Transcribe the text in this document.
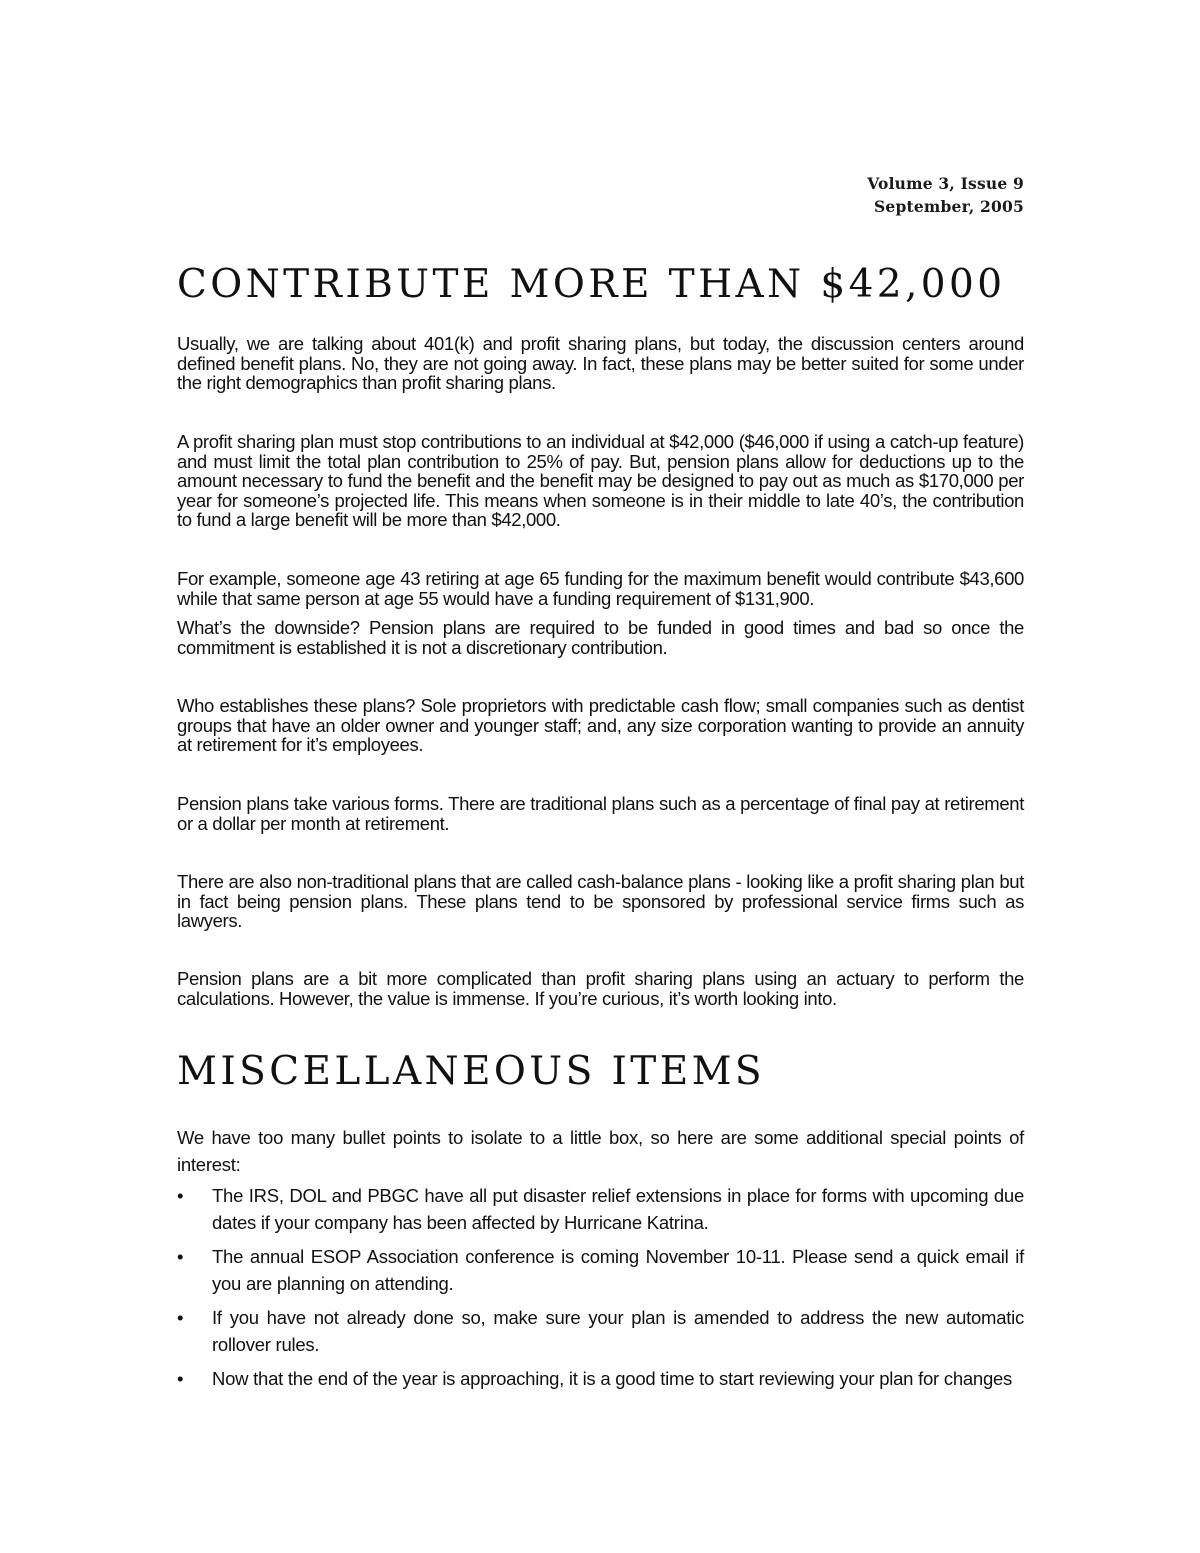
Volume 3, Issue 9
September, 2005
CONTRIBUTE MORE THAN $42,000

Usually, we are talking about 401(k) and profit sharing plans, but today, the discussion centers around defined benefit plans. No, they are not going away. In fact, these plans may be better suited for some under the right demographics than profit sharing plans.

A profit sharing plan must stop contributions to an individual at $42,000 ($46,000 if using a catch-up feature) and must limit the total plan contribution to 25% of pay. But, pension plans allow for deductions up to the amount necessary to fund the benefit and the benefit may be designed to pay out as much as $170,000 per year for someone’s projected life. This means when someone is in their middle to late 40’s, the contribution to fund a large benefit will be more than $42,000.

For example, someone age 43 retiring at age 65 funding for the maximum benefit would contribute $43,600 while that same person at age 55 would have a funding requirement of $131,900.

What’s the downside? Pension plans are required to be funded in good times and bad so once the commitment is established it is not a discretionary contribution.

Who establishes these plans? Sole proprietors with predictable cash flow; small companies such as dentist groups that have an older owner and younger staff; and, any size corporation wanting to provide an annuity at retirement for it’s employees.

Pension plans take various forms. There are traditional plans such as a percentage of final pay at retirement or a dollar per month at retirement.

There are also non-traditional plans that are called cash-balance plans - looking like a profit sharing plan but in fact being pension plans. These plans tend to be sponsored by professional service firms such as lawyers.

Pension plans are a bit more complicated than profit sharing plans using an actuary to perform the calculations. However, the value is immense. If you’re curious, it’s worth looking into.

MISCELLANEOUS ITEMS

We have too many bullet points to isolate to a little box, so here are some additional special points of interest:

• The IRS, DOL and PBGC have all put disaster relief extensions in place for forms with upcoming due dates if your company has been affected by Hurricane Katrina.
• The annual ESOP Association conference is coming November 10-11. Please send a quick email if you are planning on attending.
• If you have not already done so, make sure your plan is amended to address the new automatic rollover rules.
• Now that the end of the year is approaching, it is a good time to start reviewing your plan for changes
